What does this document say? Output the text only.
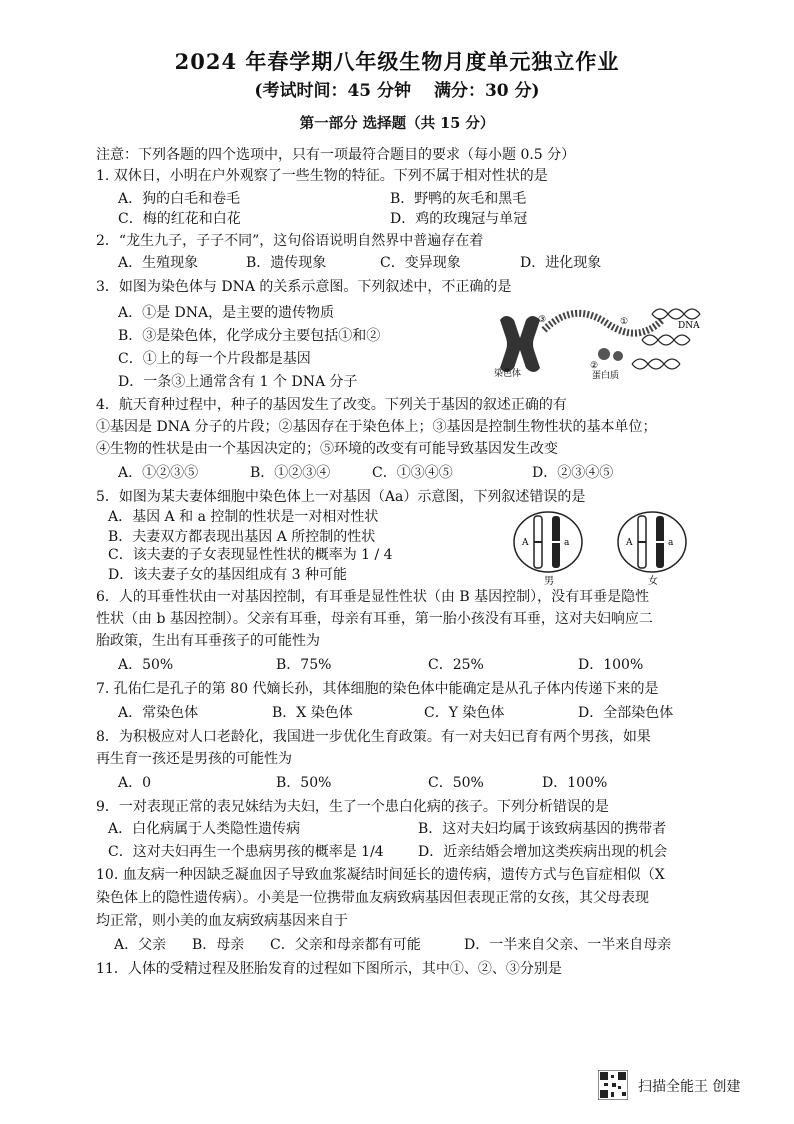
2024 年春学期八年级生物月度单元独立作业
(考试时间：45 分钟　 满分：30 分)
第一部分 选择题（共 15 分）
注意：下列各题的四个选项中，只有一项最符合题目的要求（每小题 0.5 分）
1. 双休日，小明在户外观察了一些生物的特征。下列不属于相对性状的是
A．狗的白毛和卷毛	B．野鸭的灰毛和黑毛
C．梅的红花和白花	D．鸡的玫瑰冠与单冠
2．“龙生九子，子子不同”，这句俗语说明自然界中普遍存在着
A．生殖现象	B．遗传现象	C．变异现象	D．进化现象
3．如图为染色体与 DNA 的关系示意图。下列叙述中，不正确的是
A．①是 DNA，是主要的遗传物质
B．③是染色体，化学成分主要包括①和②
C．①上的每一个片段都是基因
D．一条③上通常含有 1 个 DNA 分子	染色体	蛋白质
DNA
①
②
③
4．航天育种过程中，种子的基因发生了改变。下列关于基因的叙述正确的有
①基因是 DNA 分子的片段；②基因存在于染色体上；③基因是控制生物性状的基本单位；
④生物的性状是由一个基因决定的；⑤环境的改变有可能导致基因发生改变
A．①②③⑤	B．①②③④	C．①③④⑤	D．②③④⑤
5．如图为某夫妻体细胞中染色体上一对基因（Aa）示意图，下列叙述错误的是
A．基因 A 和 a 控制的性状是一对相对性状
B．夫妻双方都表现出基因 A 所控制的性状
C．该夫妻的子女表现显性性状的概率为 1 / 4
D．该夫妻子女的基因组成有 3 种可能
A	a
男
A	a
女
6．人的耳垂性状由一对基因控制，有耳垂是显性性状（由 B 基因控制），没有耳垂是隐性
性状（由 b 基因控制）。父亲有耳垂，母亲有耳垂，第一胎小孩没有耳垂，这对夫妇响应二
胎政策，生出有耳垂孩子的可能性为
A．50%	B．75%	C．25%	D．100%
7. 孔佑仁是孔子的第 80 代嫡长孙，其体细胞的染色体中能确定是从孔子体内传递下来的是
A．常染色体	B．X 染色体	C．Y 染色体	D．全部染色体
8．为积极应对人口老龄化，我国进一步优化生育政策。有一对夫妇已育有两个男孩，如果
再生育一孩还是男孩的可能性为
A．0	B．50%	C．50%	D．100%
9．一对表现正常的表兄妹结为夫妇，生了一个患白化病的孩子。下列分析错误的是
A．白化病属于人类隐性遗传病	B．这对夫妇均属于该致病基因的携带者
C．这对夫妇再生一个患病男孩的概率是 1/4 D．近亲结婚会增加这类疾病出现的机会
10. 血友病一种因缺乏凝血因子导致血浆凝结时间延长的遗传病，遗传方式与色盲症相似（X
染色体上的隐性遗传病）。小美是一位携带血友病致病基因但表现正常的女孩，其父母表现
均正常，则小美的血友病致病基因来自于
A．父亲 B．母亲 C．父亲和母亲都有可能	D．一半来自父亲、一半来自母亲
11．人体的受精过程及胚胎发育的过程如下图所示，其中①、②、③分别是
扫描全能王 创建
